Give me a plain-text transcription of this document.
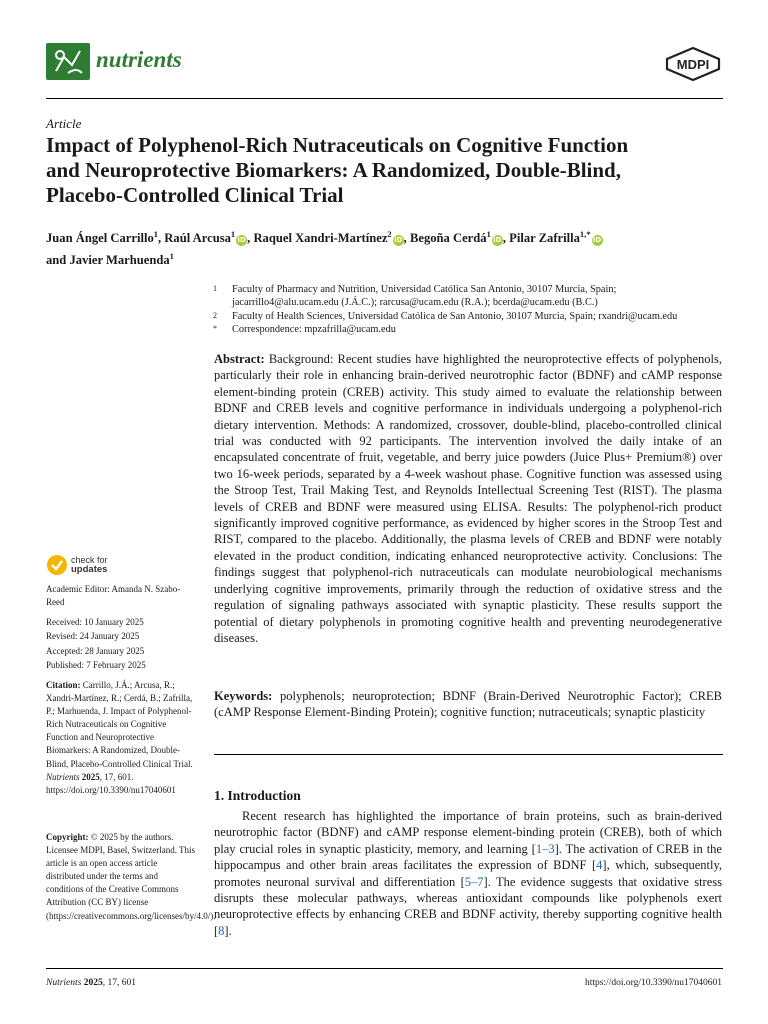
nutrients	MDPI
Article
Impact of Polyphenol-Rich Nutraceuticals on Cognitive Function
and Neuroprotective Biomarkers: A Randomized, Double-Blind,
Placebo-Controlled Clinical Trial
Juan Ángel Carrillo$^1$, Raúl Arcusa$^1$iD, Raquel Xandri-Martínez$^2$iD, Begoña Cerdá$^1$iD, Pilar Zafrilla$^{1,*}$iD
and Javier Marhuenda$^1$
1 Faculty of Pharmacy and Nutrition, Universidad Católica San Antonio, 30107 Murcia, Spain;
jacarrillo4@alu.ucam.edu (J.Á.C.); rarcusa@ucam.edu (R.A.); bcerda@ucam.edu (B.C.)
2 Faculty of Health Sciences, Universidad Católica de San Antonio, 30107 Murcia, Spain; rxandri@ucam.edu
* Correspondence: mpzafrilla@ucam.edu
Abstract: Background: Recent studies have highlighted the neuroprotective effects of polyphenols, particularly their role in enhancing brain-derived neurotrophic factor (BDNF) and cAMP response element-binding protein (CREB) activity. This study aimed to evaluate the relationship between BDNF and CREB levels and cognitive performance in individuals undergoing a polyphenol-rich dietary intervention. Methods: A randomized, crossover, double-blind, placebo-controlled clinical trial was conducted with 92 participants. The intervention involved the daily intake of an encapsulated concentrate of fruit, vegetable, and berry juice powders (Juice Plus+ Premium®) over two 16-week periods, separated by a 4-week washout phase. Cognitive function was assessed using the Stroop Test, Trail Making Test, and Reynolds Intellectual Screening Test (RIST). The plasma levels of CREB and BDNF were measured using ELISA. Results: The polyphenol-rich product significantly improved cognitive performance, as evidenced by higher scores in the Stroop Test and RIST, compared to the placebo. Additionally, the plasma levels of CREB and BDNF were notably elevated in the product condition, indicating enhanced neuroprotective activity. Conclusions: The findings suggest that polyphenol-rich nutraceuticals can modulate neurobiological mechanisms underlying cognitive improvements, primarily through the reduction of oxidative stress and the regulation of signaling pathways associated with synaptic plasticity. These results support the potential of dietary polyphenols in promoting cognitive health and preventing neurodegenerative diseases.
Keywords: polyphenols; neuroprotection; BDNF (Brain-Derived Neurotrophic Factor); CREB (cAMP Response Element-Binding Protein); cognitive function; nutraceuticals; synaptic plasticity
1. Introduction
Recent research has highlighted the importance of brain proteins, such as brain-derived neurotrophic factor (BDNF) and cAMP response element-binding protein (CREB), both of which play crucial roles in synaptic plasticity, memory, and learning [1–3]. The activation of CREB in the hippocampus and other brain areas facilitates the expression of BDNF [4], which, subsequently, promotes neuronal survival and differentiation [5–7]. The evidence suggests that oxidative stress disrupts these molecular pathways, whereas antioxidant compounds like polyphenols exert neuroprotective effects by enhancing CREB and BDNF activity, thereby supporting cognitive health [8].
check for
updates
Academic Editor: Amanda N. Szabo-Reed
Received: 10 January 2025
Revised: 24 January 2025
Accepted: 28 January 2025
Published: 7 February 2025
Citation: Carrillo, J.Á.; Arcusa, R.; Xandri-Martínez, R.; Cerdá, B.; Zafrilla, P.; Marhuenda, J. Impact of Polyphenol-Rich Nutraceuticals on Cognitive Function and Neuroprotective Biomarkers: A Randomized, Double-Blind, Placebo-Controlled Clinical Trial. Nutrients 2025, 17, 601. https://doi.org/10.3390/nu17040601
Copyright: © 2025 by the authors. Licensee MDPI, Basel, Switzerland. This article is an open access article distributed under the terms and conditions of the Creative Commons Attribution (CC BY) license (https://creativecommons.org/licenses/by/4.0/).
Nutrients 2025, 17, 601	https://doi.org/10.3390/nu17040601
